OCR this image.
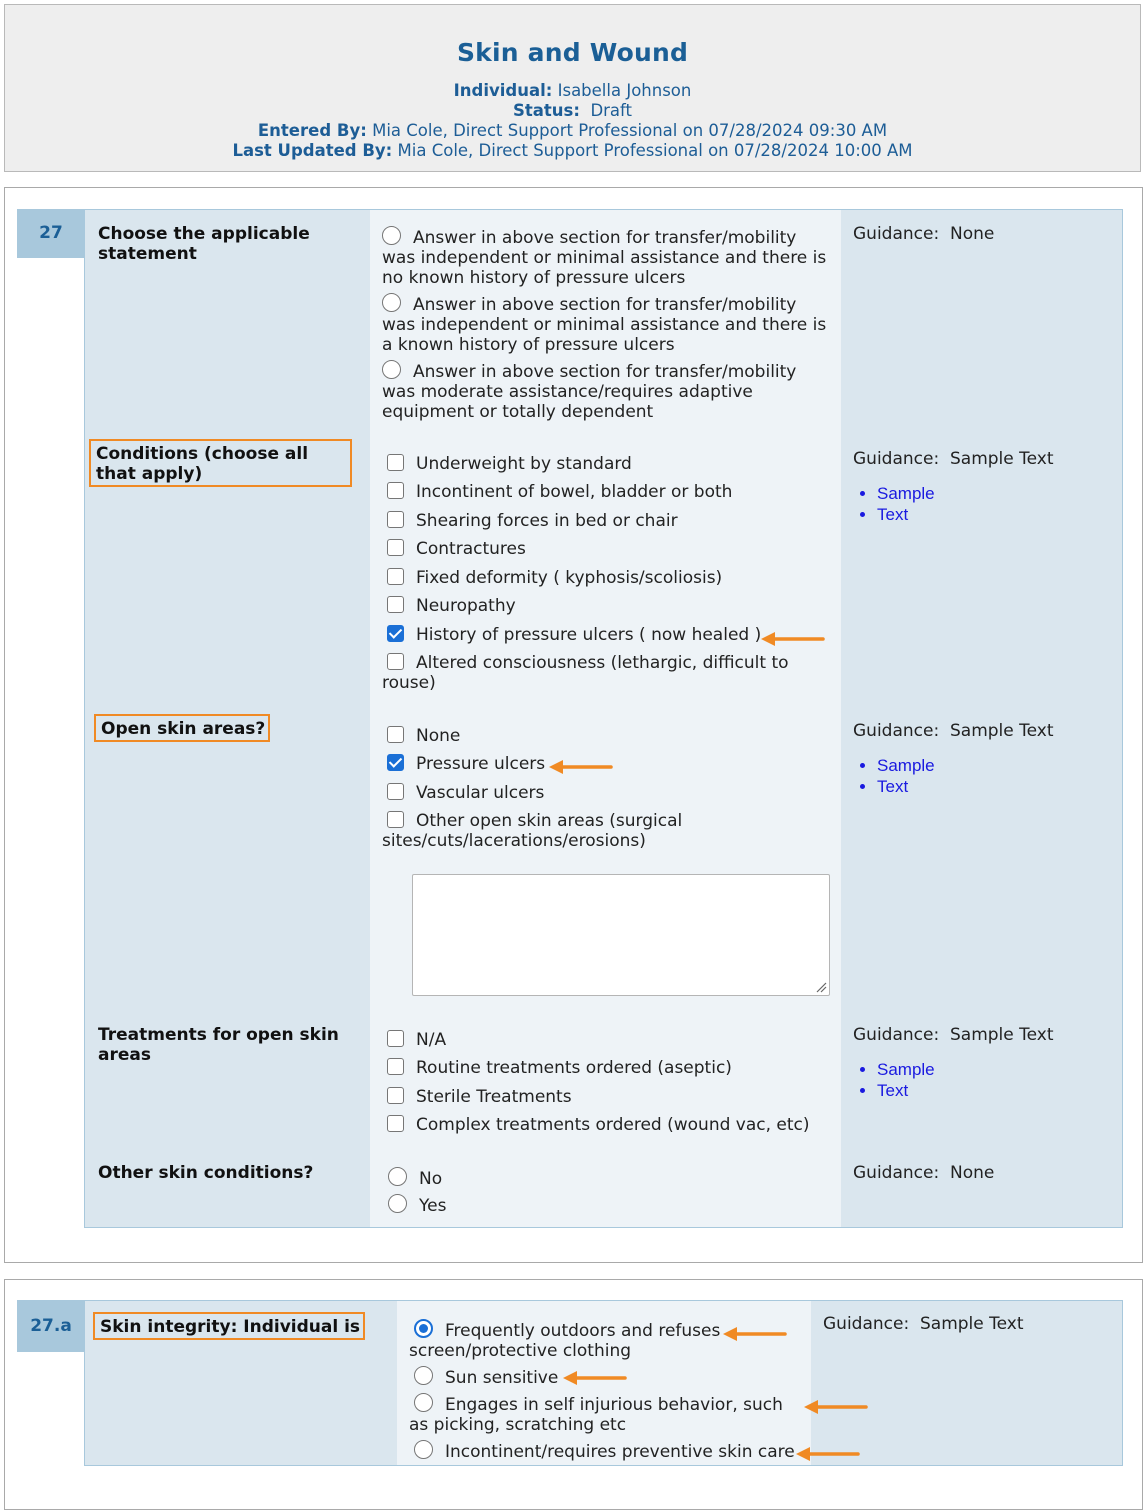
Skin and Wound
Individual: Isabella Johnson
Status: Draft
Entered By: Mia Cole, Direct Support Professional on 07/28/2024 09:30 AM
Last Updated By: Mia Cole, Direct Support Professional on 07/28/2024 10:00 AM
27	Choose the applicable statement
Answer in above section for transfer/mobility was independent or minimal assistance and there is no known history of pressure ulcers
Answer in above section for transfer/mobility was independent or minimal assistance and there is a known history of pressure ulcers
Answer in above section for transfer/mobility was moderate assistance/requires adaptive equipment or totally dependent
Guidance: None
Conditions (choose all that apply)	Underweight by standard
Incontinent of bowel, bladder or both
Shearing forces in bed or chair
Contractures
Fixed deformity ( kyphosis/scoliosis)
Neuropathy
History of pressure ulcers ( now healed )
Altered consciousness (lethargic, difficult to rouse)
Guidance: Sample Text
• Sample
• Text
Open skin areas?	None
Pressure ulcers
Vascular ulcers
Other open skin areas (surgical sites/cuts/lacerations/erosions)
Guidance: Sample Text
• Sample
• Text
Treatments for open skin areas
N/A
Routine treatments ordered (aseptic)
Sterile Treatments
Complex treatments ordered (wound vac, etc)
Guidance: Sample Text
• Sample
• Text
Other skin conditions?	No
Yes
Guidance: None
27.a	Skin integrity: Individual is	Frequently outdoors and refuses screen/protective clothing
Sun sensitive
Engages in self injurious behavior, such as picking, scratching etc
Incontinent/requires preventive skin care
Guidance: Sample Text
